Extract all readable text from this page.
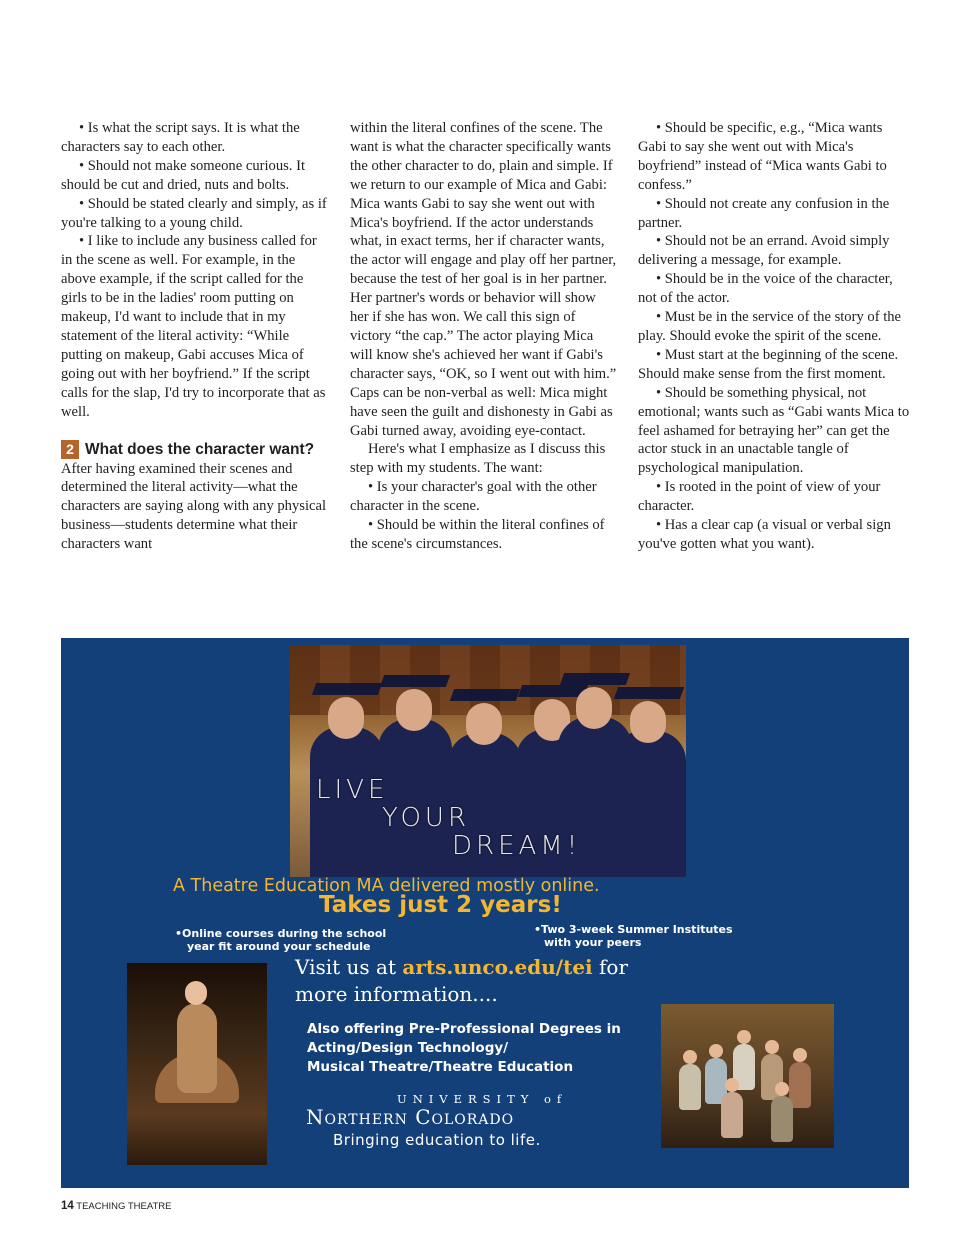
• Is what the script says. It is what the characters say to each other.

• Should not make someone curious. It should be cut and dried, nuts and bolts.

• Should be stated clearly and simply, as if you're talking to a young child.

• I like to include any business called for in the scene as well. For example, in the above example, if the script called for the girls to be in the ladies' room putting on makeup, I'd want to include that in my statement of the literal activity: “While putting on makeup, Gabi accuses Mica of going out with her boyfriend.” If the script calls for the slap, I'd try to incorporate that as well.

2 What does the character want?

After having examined their scenes and determined the literal activity—what the characters are saying along with any physical business—students determine what their characters want

within the literal confines of the scene. The want is what the character specifically wants the other character to do, plain and simple. If we return to our example of Mica and Gabi: Mica wants Gabi to say she went out with Mica's boyfriend. If the actor understands what, in exact terms, her if character wants, the actor will engage and play off her partner, because the test of her goal is in her partner. Her partner's words or behavior will show her if she has won. We call this sign of victory “the cap.” The actor playing Mica will know she's achieved her want if Gabi's character says, “OK, so I went out with him.” Caps can be non-verbal as well: Mica might have seen the guilt and dishonesty in Gabi as Gabi turned away, avoiding eye-contact.

Here's what I emphasize as I discuss this step with my students. The want:

• Is your character's goal with the other character in the scene.

• Should be within the literal confines of the scene's circumstances.

• Should be specific, e.g., “Mica wants Gabi to say she went out with Mica's boyfriend” instead of “Mica wants Gabi to confess.”

• Should not create any confusion in the partner.

• Should not be an errand. Avoid simply delivering a message, for example.

• Should be in the voice of the character, not of the actor.

• Must be in the service of the story of the play. Should evoke the spirit of the scene.

• Must start at the beginning of the scene. Should make sense from the first moment.

• Should be something physical, not emotional; wants such as “Gabi wants Mica to feel ashamed for betraying her” can get the actor stuck in an unactable tangle of psychological manipulation.

• Is rooted in the point of view of your character.

• Has a clear cap (a visual or verbal sign you've gotten what you want).

LIVE
YOUR
DREAM!
A Theatre Education MA delivered mostly online.
Takes just 2 years!
•Online courses during the school
year fit around your schedule
•Two 3-week Summer Institutes
with your peers
Visit us at arts.unco.edu/tei for
more information....
Also offering Pre-Professional Degrees in
Acting/Design Technology/
Musical Theatre/Theatre Education
UNIVERSITY of
Northern Colorado
Bringing education to life.
14 TEACHING THEATRE
